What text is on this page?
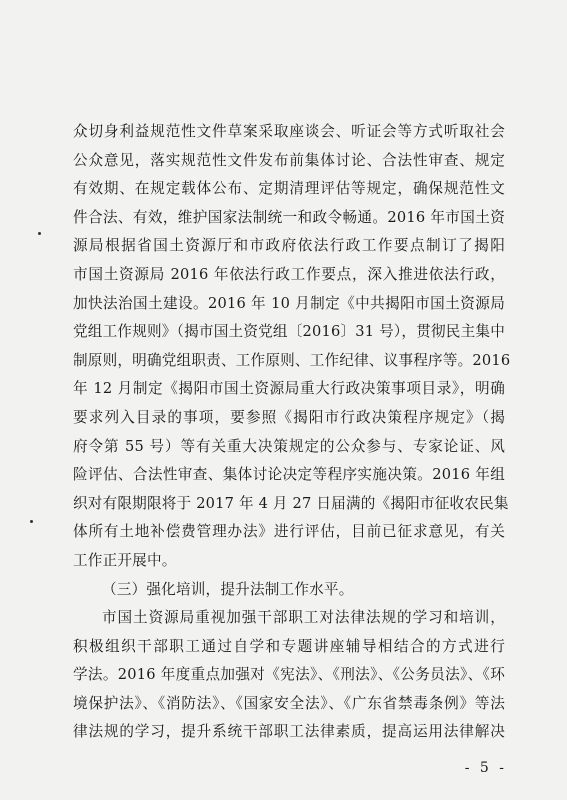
众切身利益规范性文件草案采取座谈会、听证会等方式听取社会
公众意见，落实规范性文件发布前集体讨论、合法性审查、规定
有效期、在规定载体公布、定期清理评估等规定，确保规范性文
件合法、有效，维护国家法制统一和政令畅通。2016 年市国土资
源局根据省国土资源厅和市政府依法行政工作要点制订了揭阳
市国土资源局 2016 年依法行政工作要点，深入推进依法行政，
加快法治国土建设。2016 年 10 月制定《中共揭阳市国土资源局
党组工作规则》（揭市国土资党组〔2016〕31 号），贯彻民主集中
制原则，明确党组职责、工作原则、工作纪律、议事程序等。2016
年 12 月制定《揭阳市国土资源局重大行政决策事项目录》，明确
要求列入目录的事项，要参照《揭阳市行政决策程序规定》（揭
府令第 55 号）等有关重大决策规定的公众参与、专家论证、风
险评估、合法性审查、集体讨论决定等程序实施决策。2016 年组
织对有限期限将于 2017 年 4 月 27 日届满的《揭阳市征收农民集
体所有土地补偿费管理办法》进行评估，目前已征求意见，有关
工作正开展中。
（三）强化培训，提升法制工作水平。
市国土资源局重视加强干部职工对法律法规的学习和培训，
积极组织干部职工通过自学和专题讲座辅导相结合的方式进行
学法。2016 年度重点加强对《宪法》、《刑法》、《公务员法》、《环
境保护法》、《消防法》、《国家安全法》、《广东省禁毒条例》等法
律法规的学习，提升系统干部职工法律素质，提高运用法律解决
- 5 -
